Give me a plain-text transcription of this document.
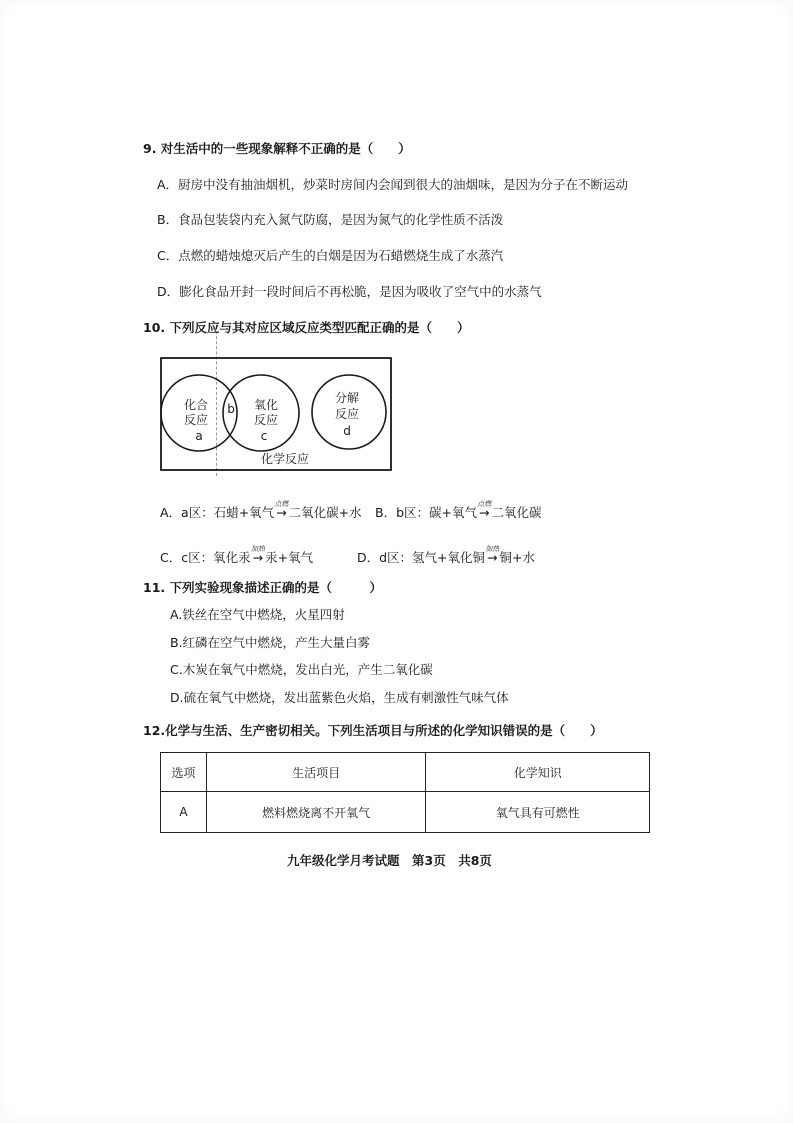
9. 对生活中的一些现象解释不正确的是（　　）
A．厨房中没有抽油烟机，炒菜时房间内会闻到很大的油烟味，是因为分子在不断运动
B．食品包装袋内充入氮气防腐，是因为氮气的化学性质不活泼
C．点燃的蜡烛熄灭后产生的白烟是因为石蜡燃烧生成了水蒸汽
D．膨化食品开封一段时间后不再松脆，是因为吸收了空气中的水蒸气
10. 下列反应与其对应区域反应类型匹配正确的是（　　）
化合
反应
a
b 氧化
反应
c
分解
反应
d
化学反应
A．a区：石蜡+氧气
点燃
→ 二氧化碳+水 B．b区：碳+氧气
点燃
→ 二氧化碳
C．c区：氧化汞
加热
→ 汞+氧气	D．d区：氢气+氧化铜
加热
→ 铜+水
11. 下列实验现象描述正确的是（　　　）
A.铁丝在空气中燃烧，火星四射
B.红磷在空气中燃烧，产生大量白雾
C.木炭在氧气中燃烧，发出白光，产生二氧化碳
D.硫在氧气中燃烧，发出蓝紫色火焰，生成有刺激性气味气体
12.化学与生活、生产密切相关。下列生活项目与所述的化学知识错误的是（　　）
选项	生活项目	化学知识
A	燃料燃烧离不开氧气	氧气具有可燃性
九年级化学月考试题　第3页　共8页
